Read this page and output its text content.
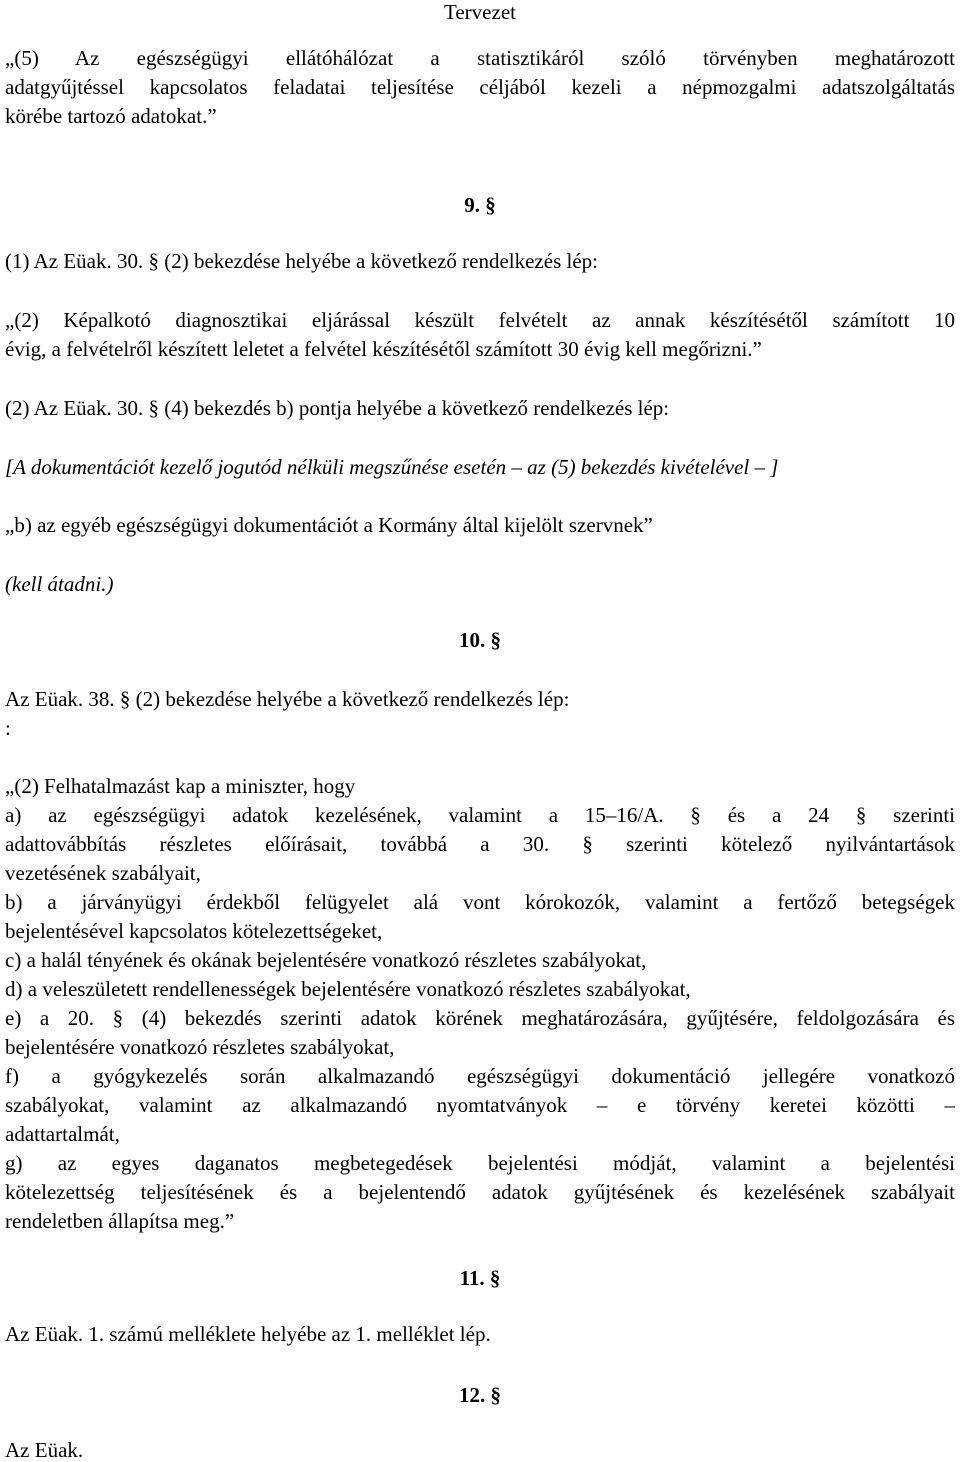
Tervezet
„(5) Az egészségügyi ellátóhálózat a statisztikáról szóló törvényben meghatározott
adatgyűjtéssel kapcsolatos feladatai teljesítése céljából kezeli a népmozgalmi adatszolgáltatás
körébe tartozó adatokat.”
9. §
(1) Az Eüak. 30. § (2) bekezdése helyébe a következő rendelkezés lép:
„(2) Képalkotó diagnosztikai eljárással készült felvételt az annak készítésétől számított 10
évig, a felvételről készített leletet a felvétel készítésétől számított 30 évig kell megőrizni.”
(2) Az Eüak. 30. § (4) bekezdés b) pontja helyébe a következő rendelkezés lép:
[A dokumentációt kezelő jogutód nélküli megszűnése esetén – az (5) bekezdés kivételével – ]
„b) az egyéb egészségügyi dokumentációt a Kormány által kijelölt szervnek”
(kell átadni.)
10. §
Az Eüak. 38. § (2) bekezdése helyébe a következő rendelkezés lép:
:
„(2) Felhatalmazást kap a miniszter, hogy
a) az egészségügyi adatok kezelésének, valamint a 15–16/A. § és a 24 § szerinti
adattovábbítás részletes előírásait, továbbá a 30. § szerinti kötelező nyilvántartások
vezetésének szabályait,
b) a járványügyi érdekből felügyelet alá vont kórokozók, valamint a fertőző betegségek
bejelentésével kapcsolatos kötelezettségeket,
c) a halál tényének és okának bejelentésére vonatkozó részletes szabályokat,
d) a veleszületett rendellenességek bejelentésére vonatkozó részletes szabályokat,
e) a 20. § (4) bekezdés szerinti adatok körének meghatározására, gyűjtésére, feldolgozására és
bejelentésére vonatkozó részletes szabályokat,
f) a gyógykezelés során alkalmazandó egészségügyi dokumentáció jellegére vonatkozó
szabályokat, valamint az alkalmazandó nyomtatványok – e törvény keretei közötti –
adattartalmát,
g) az egyes daganatos megbetegedések bejelentési módját, valamint a bejelentési
kötelezettség teljesítésének és a bejelentendő adatok gyűjtésének és kezelésének szabályait
rendeletben állapítsa meg.”
11. §
Az Eüak. 1. számú melléklete helyébe az 1. melléklet lép.
12. §
Az Eüak.
